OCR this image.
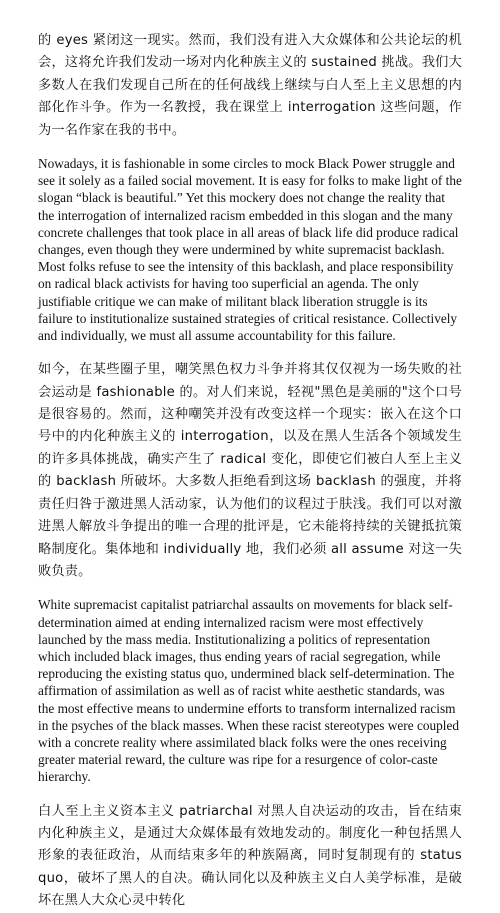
的 eyes 紧闭这一现实。然而，我们没有进入大众媒体和公共论坛的机会，这将允许我们发动一场对内化种族主义的 sustained 挑战。我们大多数人在我们发现自己所在的任何战线上继续与白人至上主义思想的内部化作斗争。作为一名教授，我在课堂上 interrogation 这些问题，作为一名作家在我的书中。

Nowadays, it is fashionable in some circles to mock Black Power struggle and see it solely as a failed social movement. It is easy for folks to make light of the slogan “black is beautiful.” Yet this mockery does not change the reality that the interrogation of internalized racism embedded in this slogan and the many concrete challenges that took place in all areas of black life did produce radical changes, even though they were undermined by white supremacist backlash. Most folks refuse to see the intensity of this backlash, and place responsibility on radical black activists for having too superficial an agenda. The only justifiable critique we can make of militant black liberation struggle is its failure to institutionalize sustained strategies of critical resistance. Collectively and individually, we must all assume accountability for this failure.

如今，在某些圈子里，嘲笑黑色权力斗争并将其仅仅视为一场失败的社会运动是 fashionable 的。对人们来说，轻视"黑色是美丽的"这个口号是很容易的。然而，这种嘲笑并没有改变这样一个现实：嵌入在这个口号中的内化种族主义的 interrogation，以及在黑人生活各个领域发生的许多具体挑战，确实产生了 radical 变化，即使它们被白人至上主义的 backlash 所破坏。大多数人拒绝看到这场 backlash 的强度，并将责任归咎于激进黑人活动家，认为他们的议程过于肤浅。我们可以对激进黑人解放斗争提出的唯一合理的批评是，它未能将持续的关键抵抗策略制度化。集体地和 individually 地，我们必须 all assume 对这一失败负责。

White supremacist capitalist patriarchal assaults on movements for black self-determination aimed at ending internalized racism were most effectively launched by the mass media. Institutionalizing a politics of representation which included black images, thus ending years of racial segregation, while reproducing the existing status quo, undermined black self-determination. The affirmation of assimilation as well as of racist white aesthetic standards, was the most effective means to undermine efforts to transform internalized racism in the psyches of the black masses. When these racist stereotypes were coupled with a concrete reality where assimilated black folks were the ones receiving greater material reward, the culture was ripe for a resurgence of color-caste hierarchy.

白人至上主义资本主义 patriarchal 对黑人自决运动的攻击，旨在结束内化种族主义，是通过大众媒体最有效地发动的。制度化一种包括黑人形象的表征政治，从而结束多年的种族隔离，同时复制现有的 status quo，破坏了黑人的自决。确认同化以及种族主义白人美学标准，是破坏在黑人大众心灵中转化
